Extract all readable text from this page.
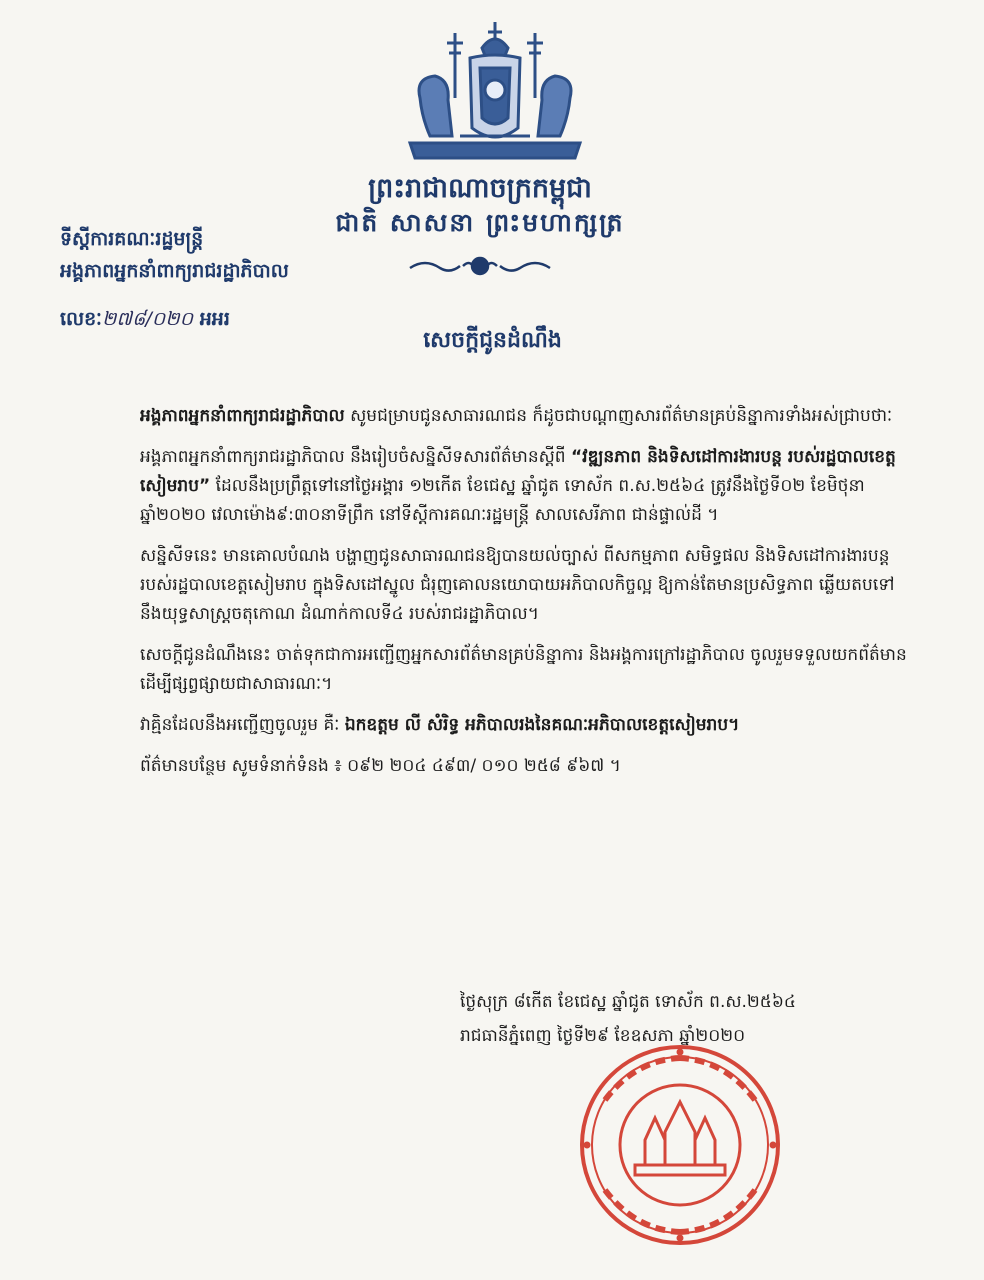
ព្រះរាជាណាចក្រកម្ពុជា
ជាតិ សាសនា ព្រះមហាក្សត្រ
ទីស្តីការគណៈរដ្ឋមន្ត្រី
អង្គភាពអ្នកនាំពាក្យរាជរដ្ឋាភិបាល
លេខៈ២៧៨/០២០ អអរ
សេចក្តីជូនដំណឹង

អង្គភាពអ្នកនាំពាក្យរាជរដ្ឋាភិបាល សូមជម្រាបជូនសាធារណជន ក៏ដូចជាបណ្តាញសារព័ត៌មានគ្រប់និន្នាការទាំងអស់ជ្រាបថាៈ

អង្គភាពអ្នកនាំពាក្យរាជរដ្ឋាភិបាល នឹងរៀបចំសន្និសីទសារព័ត៌មានស្តីពី “វឌ្ឍនភាព និងទិសដៅការងារបន្ត របស់រដ្ឋបាលខេត្តសៀមរាប” ដែលនឹងប្រព្រឹត្តទៅនៅថ្ងៃអង្គារ ១២កើត ខែជេស្ឋ ឆ្នាំជូត ទោស័ក ព.ស.២៥៦៤ ត្រូវនឹងថ្ងៃទី០២ ខែមិថុនា ឆ្នាំ២០២០ វេលាម៉ោង៩:៣០នាទីព្រឹក នៅទីស្តីការគណៈរដ្ឋមន្ត្រី សាលសេរីភាព ជាន់ផ្ទាល់ដី ។

សន្និសីទនេះ មានគោលបំណង បង្ហាញជូនសាធារណជនឱ្យបានយល់ច្បាស់ ពីសកម្មភាព សមិទ្ធផល និងទិសដៅការងារបន្ត របស់រដ្ឋបាលខេត្តសៀមរាប ក្នុងទិសដៅស្នូល ជំរុញគោលនយោបាយអភិបាលកិច្ចល្អ ឱ្យកាន់តែមានប្រសិទ្ធភាព ឆ្លើយតបទៅនឹងយុទ្ធសាស្ត្រចតុកោណ ដំណាក់កាលទី៤ របស់រាជរដ្ឋាភិបាល។

សេចក្តីជូនដំណឹងនេះ ចាត់ទុកជាការអញ្ជើញអ្នកសារព័ត៌មានគ្រប់និន្នាការ និងអង្គការក្រៅរដ្ឋាភិបាល ចូលរួមទទួលយកព័ត៌មាន ដើម្បីផ្សព្វផ្សាយជាសាធារណៈ។

វាគ្មិនដែលនឹងអញ្ជើញចូលរួម គឺៈ ឯកឧត្តម លី សំរិទ្ធ អភិបាលរងនៃគណៈអភិបាលខេត្តសៀមរាប។

ព័ត៌មានបន្ថែម សូមទំនាក់ទំនង ៖ ០៩២ ២០៤ ៤៩៣/ ០១០ ២៥៨ ៩៦៧ ។

ថ្ងៃសុក្រ ៨កើត ខែជេស្ឋ ឆ្នាំជូត ទោស័ក ព.ស.២៥៦៤
រាជធានីភ្នំពេញ ថ្ងៃទី២៩ ខែឧសភា ឆ្នាំ២០២០
